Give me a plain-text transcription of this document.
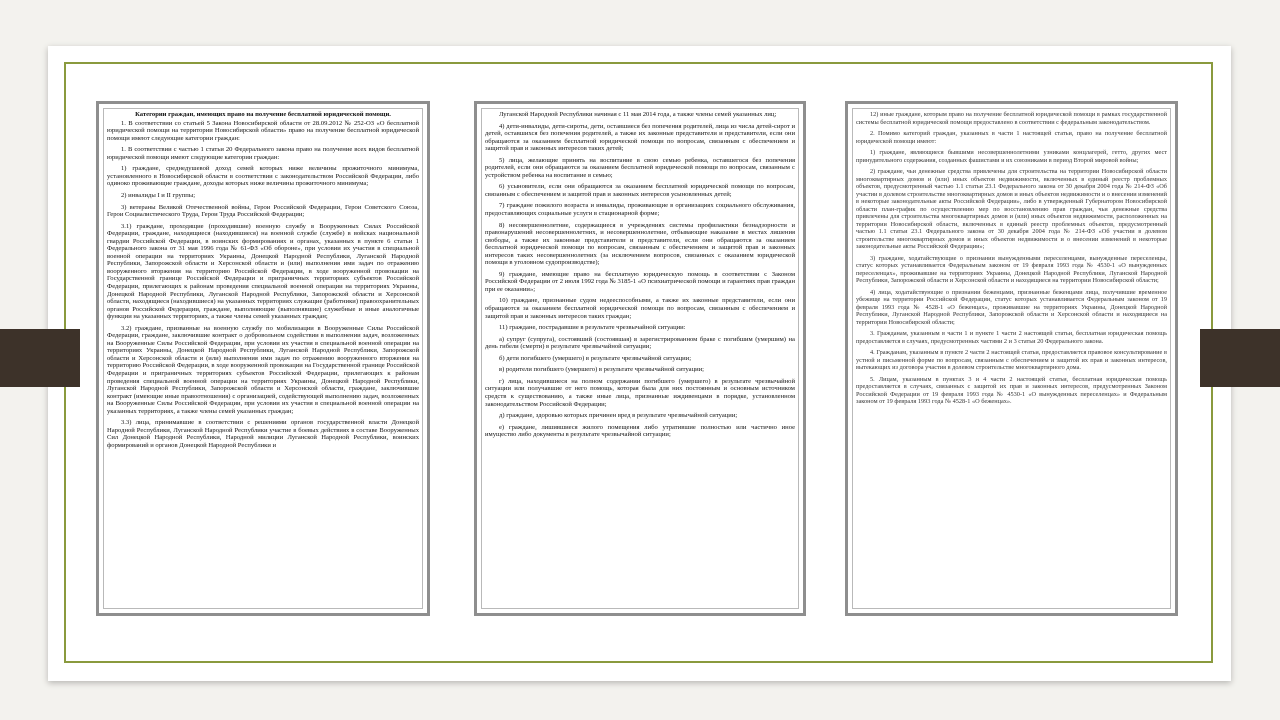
Категории граждан, имеющих право на получение бесплатной юридической помощи.
1. В соответствии со статьей 5 Закона Новосибирской области от 28.09.2012 № 252-ОЗ «О бесплатной юридической помощи на территории Новосибирской области» право на получение бесплатной юридической помощи имеют следующие категории граждан:
1. В соответствии с частью 1 статьи 20 Федерального закона право на получение всех видов бесплатной юридической помощи имеют следующие категории граждан:
1) граждане, среднедушевой доход семей которых ниже величины прожиточного минимума, установленного в Новосибирской области в соответствии с законодательством Российской Федерации, либо одиноко проживающие граждане, доходы которых ниже величины прожиточного минимума;
2) инвалиды I и II группы;
3) ветераны Великой Отечественной войны, Герои Российской Федерации, Герои Советского Союза, Герои Социалистического Труда, Герои Труда Российской Федерации;
3.1) граждане, проходящие (проходившие) военную службу в Вооруженных Силах Российской Федерации, граждане, находящиеся (находившиеся) на военной службе (службе) в войсках национальной гвардии Российской Федерации, в воинских формированиях и органах, указанных в пункте 6 статьи 1 Федерального закона от 31 мая 1996 года № 61-ФЗ «Об обороне», при условии их участия в специальной военной операции на территориях Украины, Донецкой Народной Республики, Луганской Народной Республики, Запорожской области и Херсонской области и (или) выполнения ими задач по отражению вооруженного вторжения на территорию Российской Федерации, в ходе вооруженной провокации на Государственной границе Российской Федерации и приграничных территориях субъектов Российской Федерации, прилегающих к районам проведения специальной военной операции на территориях Украины, Донецкой Народной Республики, Луганской Народной Республики, Запорожской области и Херсонской области, находящиеся (находившиеся) на указанных территориях служащие (работники) правоохранительных органов Российской Федерации, граждане, выполняющие (выполнявшие) служебные и иные аналогичные функции на указанных территориях, а также члены семей указанных граждан;
3.2) граждане, призванные на военную службу по мобилизации в Вооруженные Силы Российской Федерации, граждане, заключившие контракт о добровольном содействии в выполнении задач, возложенных на Вооруженные Силы Российской Федерации, при условии их участия в специальной военной операции на территориях Украины, Донецкой Народной Республики, Луганской Народной Республики, Запорожской области и Херсонской области и (или) выполнения ими задач по отражению вооруженного вторжения на территорию Российской Федерации, в ходе вооруженной провокации на Государственной границе Российской Федерации и приграничных территориях субъектов Российской Федерации, прилегающих к районам проведения специальной военной операции на территориях Украины, Донецкой Народной Республики, Луганской Народной Республики, Запорожской области и Херсонской области, граждане, заключившие контракт (имеющие иные правоотношения) с организацией, содействующей выполнению задач, возложенных на Вооруженные Силы Российской Федерации, при условии их участия в специальной военной операции на указанных территориях, а также члены семей указанных граждан;
3.3) лица, принимавшие в соответствии с решениями органов государственной власти Донецкой Народной Республики, Луганской Народной Республики участие в боевых действиях в составе Вооруженных Сил Донецкой Народной Республики, Народной милиции Луганской Народной Республики, воинских формирований и органов Донецкой Народной Республики и
Луганской Народной Республики начиная с 11 мая 2014 года, а также члены семей указанных лиц;
4) дети-инвалиды, дети-сироты, дети, оставшиеся без попечения родителей, лица из числа детей-сирот и детей, оставшихся без попечения родителей, а также их законные представители и представители, если они обращаются за оказанием бесплатной юридической помощи по вопросам, связанным с обеспечением и защитой прав и законных интересов таких детей;
5) лица, желающие принять на воспитание в свою семью ребенка, оставшегося без попечения родителей, если они обращаются за оказанием бесплатной юридической помощи по вопросам, связанным с устройством ребенка на воспитание в семью;
6) усыновители, если они обращаются за оказанием бесплатной юридической помощи по вопросам, связанным с обеспечением и защитой прав и законных интересов усыновленных детей;
7) граждане пожилого возраста и инвалиды, проживающие в организациях социального обслуживания, предоставляющих социальные услуги в стационарной форме;
8) несовершеннолетние, содержащиеся в учреждениях системы профилактики безнадзорности и правонарушений несовершеннолетних, и несовершеннолетние, отбывающие наказание в местах лишения свободы, а также их законные представители и представители, если они обращаются за оказанием бесплатной юридической помощи по вопросам, связанным с обеспечением и защитой прав и законных интересов таких несовершеннолетних (за исключением вопросов, связанных с оказанием юридической помощи в уголовном судопроизводстве);
9) граждане, имеющие право на бесплатную юридическую помощь в соответствии с Законом Российской Федерации от 2 июля 1992 года № 3185-1 «О психиатрической помощи и гарантиях прав граждан при ее оказании»;
10) граждане, признанные судом недееспособными, а также их законные представители, если они обращаются за оказанием бесплатной юридической помощи по вопросам, связанным с обеспечением и защитой прав и законных интересов таких граждан;
11) граждане, пострадавшие в результате чрезвычайной ситуации:
а) супруг (супруга), состоявший (состоявшая) в зарегистрированном браке с погибшим (умершим) на день гибели (смерти) в результате чрезвычайной ситуации;
б) дети погибшего (умершего) в результате чрезвычайной ситуации;
в) родители погибшего (умершего) в результате чрезвычайной ситуации;
г) лица, находившиеся на полном содержании погибшего (умершего) в результате чрезвычайной ситуации или получавшие от него помощь, которая была для них постоянным и основным источником средств к существованию, а также иные лица, признанные иждивенцами в порядке, установленном законодательством Российской Федерации;
д) граждане, здоровью которых причинен вред в результате чрезвычайной ситуации;
е) граждане, лишившиеся жилого помещения либо утратившие полностью или частично иное имущество либо документы в результате чрезвычайной ситуации;
12) иные граждане, которым право на получение бесплатной юридической помощи в рамках государственной системы бесплатной юридической помощи предоставлено в соответствии с федеральным законодательством.
2. Помимо категорий граждан, указанных в части 1 настоящей статьи, право на получение бесплатной юридической помощи имеют:
1) граждане, являющиеся бывшими несовершеннолетними узниками концлагерей, гетто, других мест принудительного содержания, созданных фашистами и их союзниками в период Второй мировой войны;
2) граждане, чьи денежные средства привлечены для строительства на территории Новосибирской области многоквартирных домов и (или) иных объектов недвижимости, включенных в единый реестр проблемных объектов, предусмотренный частью 1.1 статьи 23.1 Федерального закона от 30 декабря 2004 года № 214-ФЗ «Об участии в долевом строительстве многоквартирных домов и иных объектов недвижимости и о внесении изменений в некоторые законодательные акты Российской Федерации», либо в утвержденный Губернатором Новосибирской области план-график по осуществлению мер по восстановлению прав граждан, чьи денежные средства привлечены для строительства многоквартирных домов и (или) иных объектов недвижимости, расположенных на территории Новосибирской области, включенных в единый реестр проблемных объектов, предусмотренный частью 1.1 статьи 23.1 Федерального закона от 30 декабря 2004 года № 214-ФЗ «Об участии в долевом строительстве многоквартирных домов и иных объектов недвижимости и о внесении изменений в некоторые законодательные акты Российской Федерации»;
3) граждане, ходатайствующие о признании вынужденными переселенцами, вынужденные переселенцы, статус которых устанавливается Федеральным законом от 19 февраля 1993 года № 4530-1 «О вынужденных переселенцах», проживавшие на территориях Украины, Донецкой Народной Республики, Луганской Народной Республики, Запорожской области и Херсонской области и находящиеся на территории Новосибирской области;
4) лица, ходатайствующие о признании беженцами, признанные беженцами лица, получившие временное убежище на территории Российской Федерации, статус которых устанавливается Федеральным законом от 19 февраля 1993 года № 4528-1 «О беженцах», проживавшие на территориях Украины, Донецкой Народной Республики, Луганской Народной Республики, Запорожской области и Херсонской области и находящиеся на территории Новосибирской области;
3. Гражданам, указанным в части 1 и пункте 1 части 2 настоящей статьи, бесплатная юридическая помощь предоставляется в случаях, предусмотренных частями 2 и 3 статьи 20 Федерального закона.
4. Гражданам, указанным в пункте 2 части 2 настоящей статьи, предоставляется правовое консультирование в устной и письменной форме по вопросам, связанным с обеспечением и защитой их прав и законных интересов, вытекающих из договора участия в долевом строительстве многоквартирного дома.
5. Лицам, указанным в пунктах 3 и 4 части 2 настоящей статьи, бесплатная юридическая помощь предоставляется в случаях, связанных с защитой их прав и законных интересов, предусмотренных Законом Российской Федерации от 19 февраля 1993 года № 4530-1 «О вынужденных переселенцах» и Федеральным законом от 19 февраля 1993 года № 4528-1 «О беженцах».
